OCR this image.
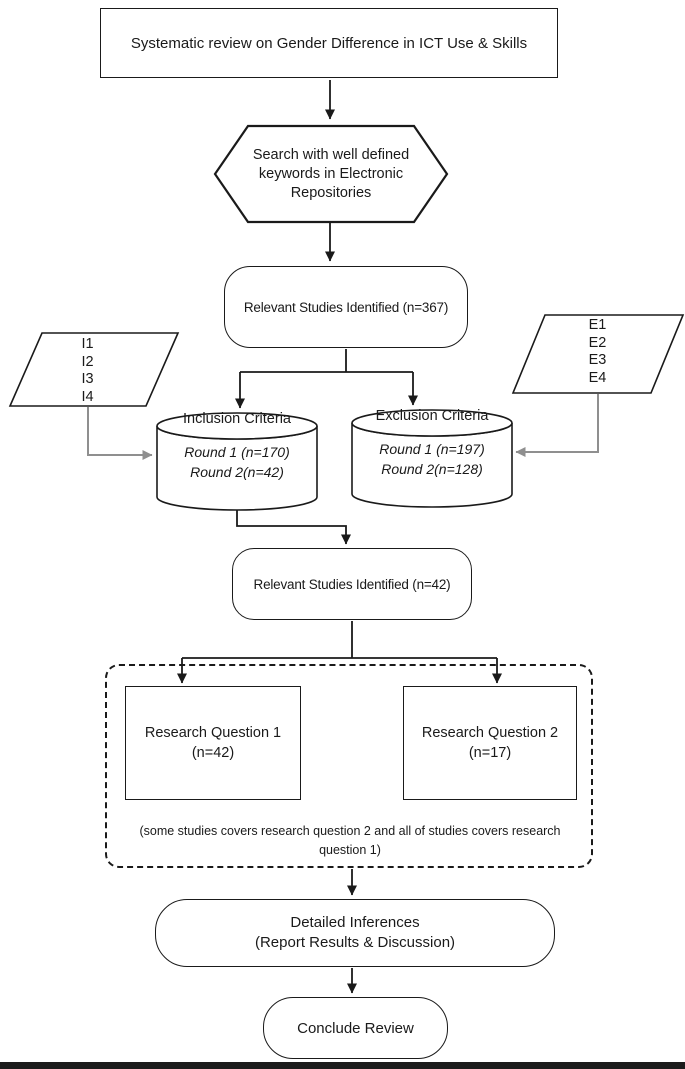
Systematic review on Gender Difference in ICT Use & Skills
Search with well defined
keywords in Electronic
Repositories
Relevant Studies Identified (n=367)
I1
I2
I3
I4
E1
E2
E3
E4
Inclusion Criteria
Round 1 (n=170)
Round 2(n=42)
Exclusion Criteria
Round 1 (n=197)
Round 2(n=128)
Relevant Studies Identified (n=42)
Research Question 1
(n=42)
Research Question 2
(n=17)
(some studies covers research question 2 and all of studies covers research question 1)
Detailed Inferences
(Report Results & Discussion)
Conclude Review
